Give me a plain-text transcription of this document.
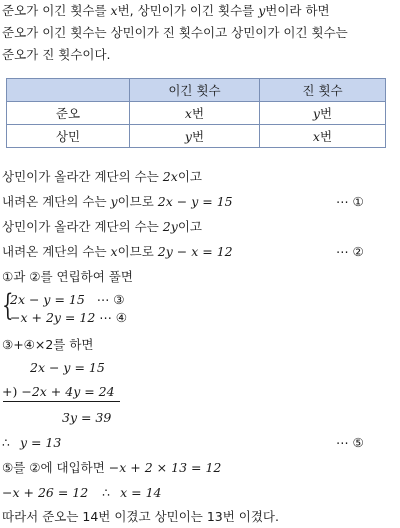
준오가 이긴 횟수를 x번, 상민이가 이긴 횟수를 y번이라 하면
준오가 이긴 횟수는 상민이가 진 횟수이고 상민이가 이긴 횟수는
준오가 진 횟수이다.
	이긴 횟수	진 횟수
준오	x번	y번
상민	y번	x번
상민이가 올라간 계단의 수는 2x이고
내려온 계단의 수는 y이므로 2x − y = 15	⋯ ①
상민이가 올라간 계단의 수는 2y이고
내려온 계단의 수는 x이므로 2y − x = 12	⋯ ②
①과 ②를 연립하여 풀면
{
2x − y = 15 ⋯ ③
−x + 2y = 12 ⋯ ④
③+④×2를 하면
2x − y = 15
+) −2x + 4y = 24
3y = 39
∴ y = 13	⋯ ⑤
⑤를 ②에 대입하면 −x + 2 × 13 = 12
−x + 26 = 12 ∴ x = 14
따라서 준오는 14번 이겼고 상민이는 13번 이겼다.
